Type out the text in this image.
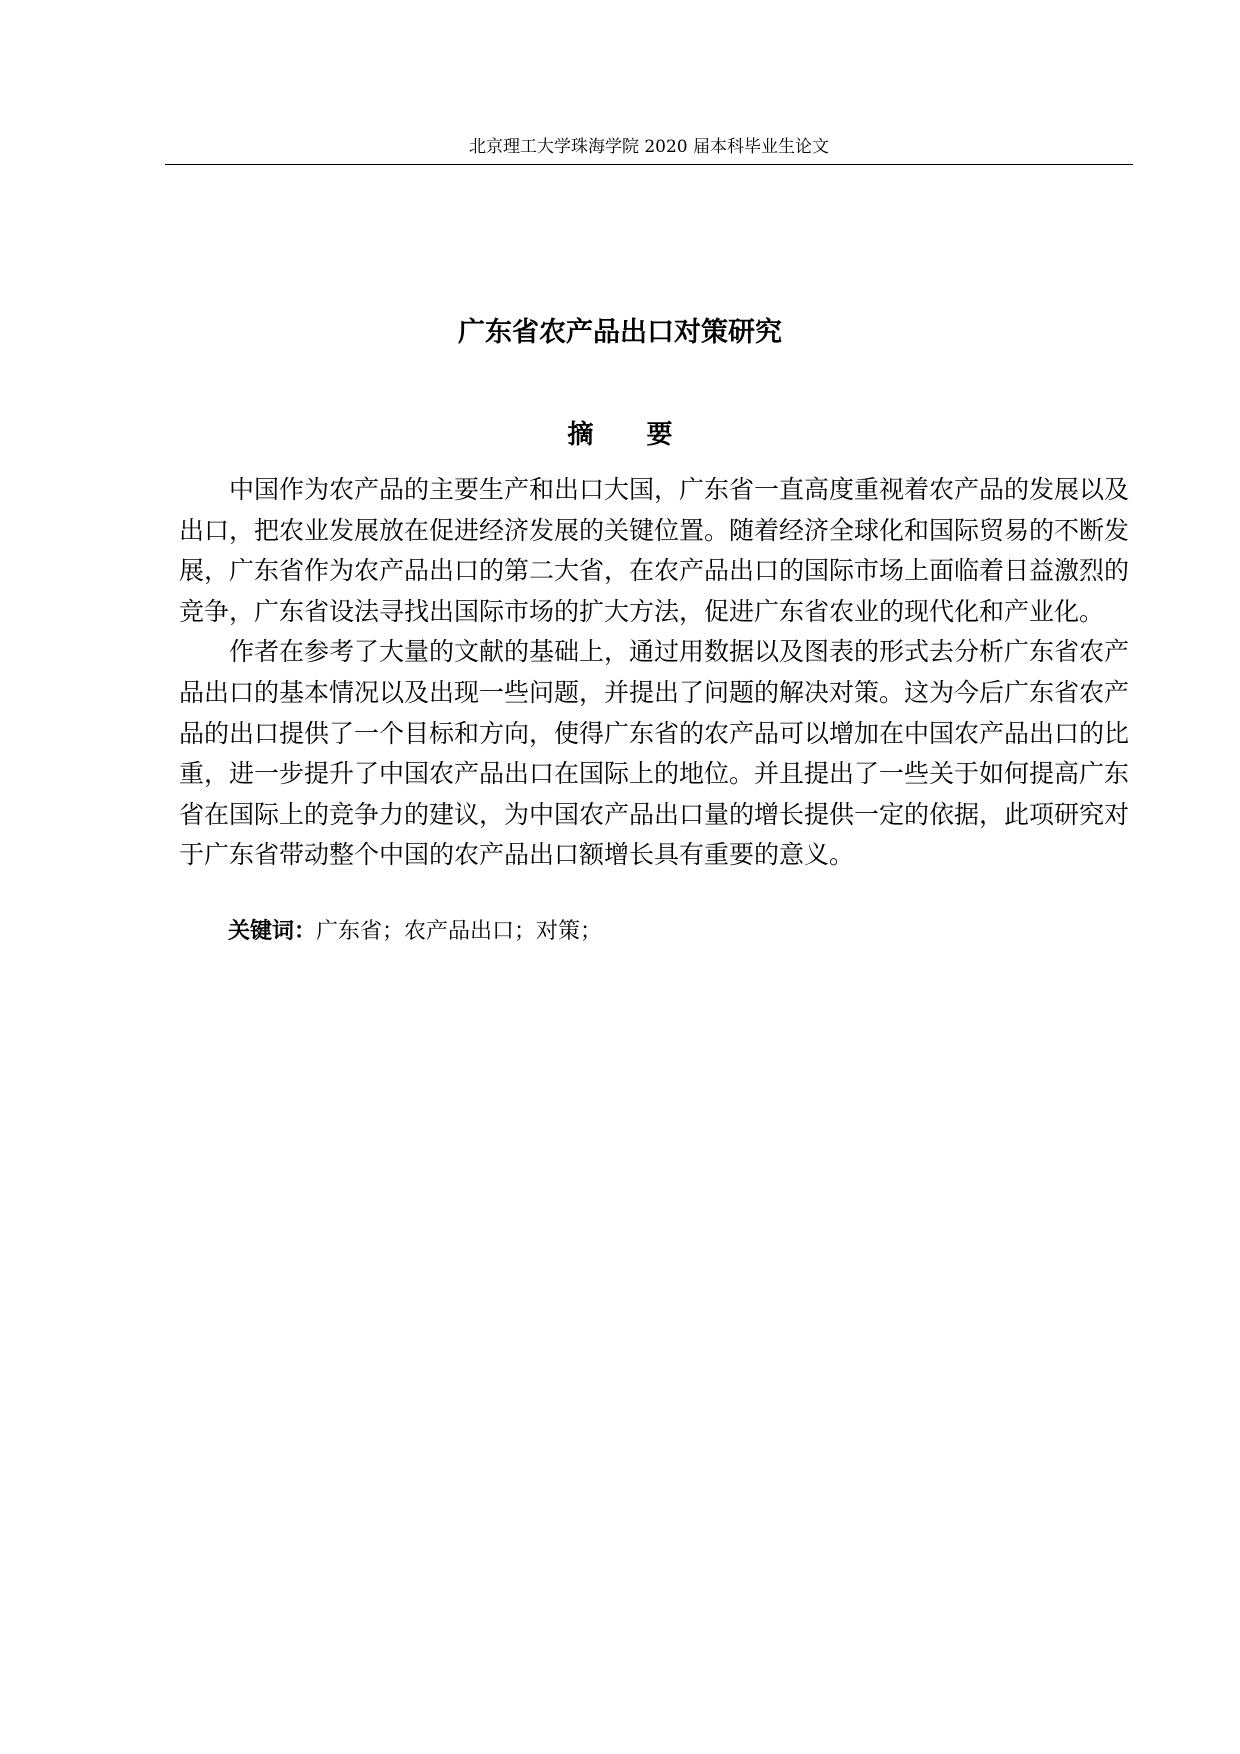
北京理工大学珠海学院 2020 届本科毕业生论文
广东省农产品出口对策研究
摘 要
中国作为农产品的主要生产和出口大国，广东省一直高度重视着农产品的发展以及
出口，把农业发展放在促进经济发展的关键位置。随着经济全球化和国际贸易的不断发
展，广东省作为农产品出口的第二大省，在农产品出口的国际市场上面临着日益激烈的
竞争，广东省设法寻找出国际市场的扩大方法，促进广东省农业的现代化和产业化。
作者在参考了大量的文献的基础上，通过用数据以及图表的形式去分析广东省农产
品出口的基本情况以及出现一些问题，并提出了问题的解决对策。这为今后广东省农产
品的出口提供了一个目标和方向，使得广东省的农产品可以增加在中国农产品出口的比
重，进一步提升了中国农产品出口在国际上的地位。并且提出了一些关于如何提高广东
省在国际上的竞争力的建议，为中国农产品出口量的增长提供一定的依据，此项研究对
于广东省带动整个中国的农产品出口额增长具有重要的意义。
关键词：广东省；农产品出口；对策；
